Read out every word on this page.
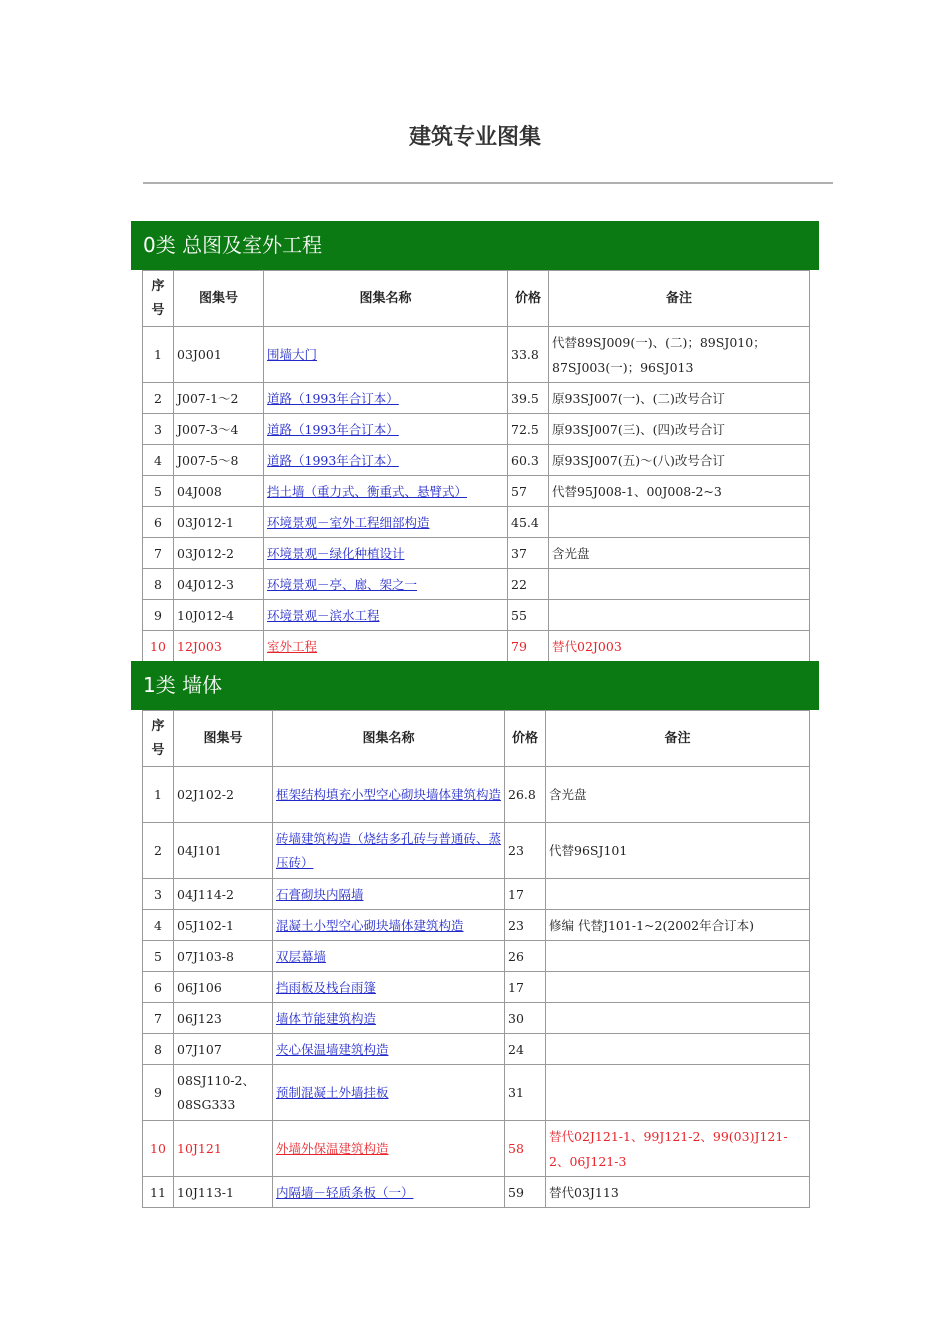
建筑专业图集
0类 总图及室外工程
序号	图集号	图集名称	价格	备注
1	03J001	围墙大门	33.8	代替89SJ009(一)、(二)；89SJ010；87SJ003(一)；96SJ013
2	J007-1～2	道路（1993年合订本）	39.5	原93SJ007(一)、(二)改号合订
3	J007-3～4	道路（1993年合订本）	72.5	原93SJ007(三)、(四)改号合订
4	J007-5～8	道路（1993年合订本）	60.3	原93SJ007(五)～(八)改号合订
5	04J008	挡土墙（重力式、衡重式、悬臂式）	57	代替95J008-1、00J008-2~3
6	03J012-1	环境景观－室外工程细部构造	45.4	
7	03J012-2	环境景观－绿化种植设计	37	含光盘
8	04J012-3	环境景观－亭、廊、架之一	22	
9	10J012-4	环境景观－滨水工程	55	
10	12J003	室外工程	79	替代02J003
1类 墙体
序号	图集号	图集名称	价格	备注
1	02J102-2	框架结构填充小型空心砌块墙体建筑构造	26.8	含光盘
2	04J101	砖墙建筑构造（烧结多孔砖与普通砖、蒸压砖）	23	代替96SJ101
3	04J114-2	石膏砌块内隔墙	17	
4	05J102-1	混凝土小型空心砌块墙体建筑构造	23	修编 代替J101-1~2(2002年合订本)
5	07J103-8	双层幕墙	26	
6	06J106	挡雨板及栈台雨篷	17	
7	06J123	墙体节能建筑构造	30	
8	07J107	夹心保温墙建筑构造	24	
9	08SJ110-2、08SG333	预制混凝土外墙挂板	31	
10	10J121	外墙外保温建筑构造	58	替代02J121-1、99J121-2、99(03)J121-2、06J121-3
11	10J113-1	内隔墙－轻质条板（一）	59	替代03J113
